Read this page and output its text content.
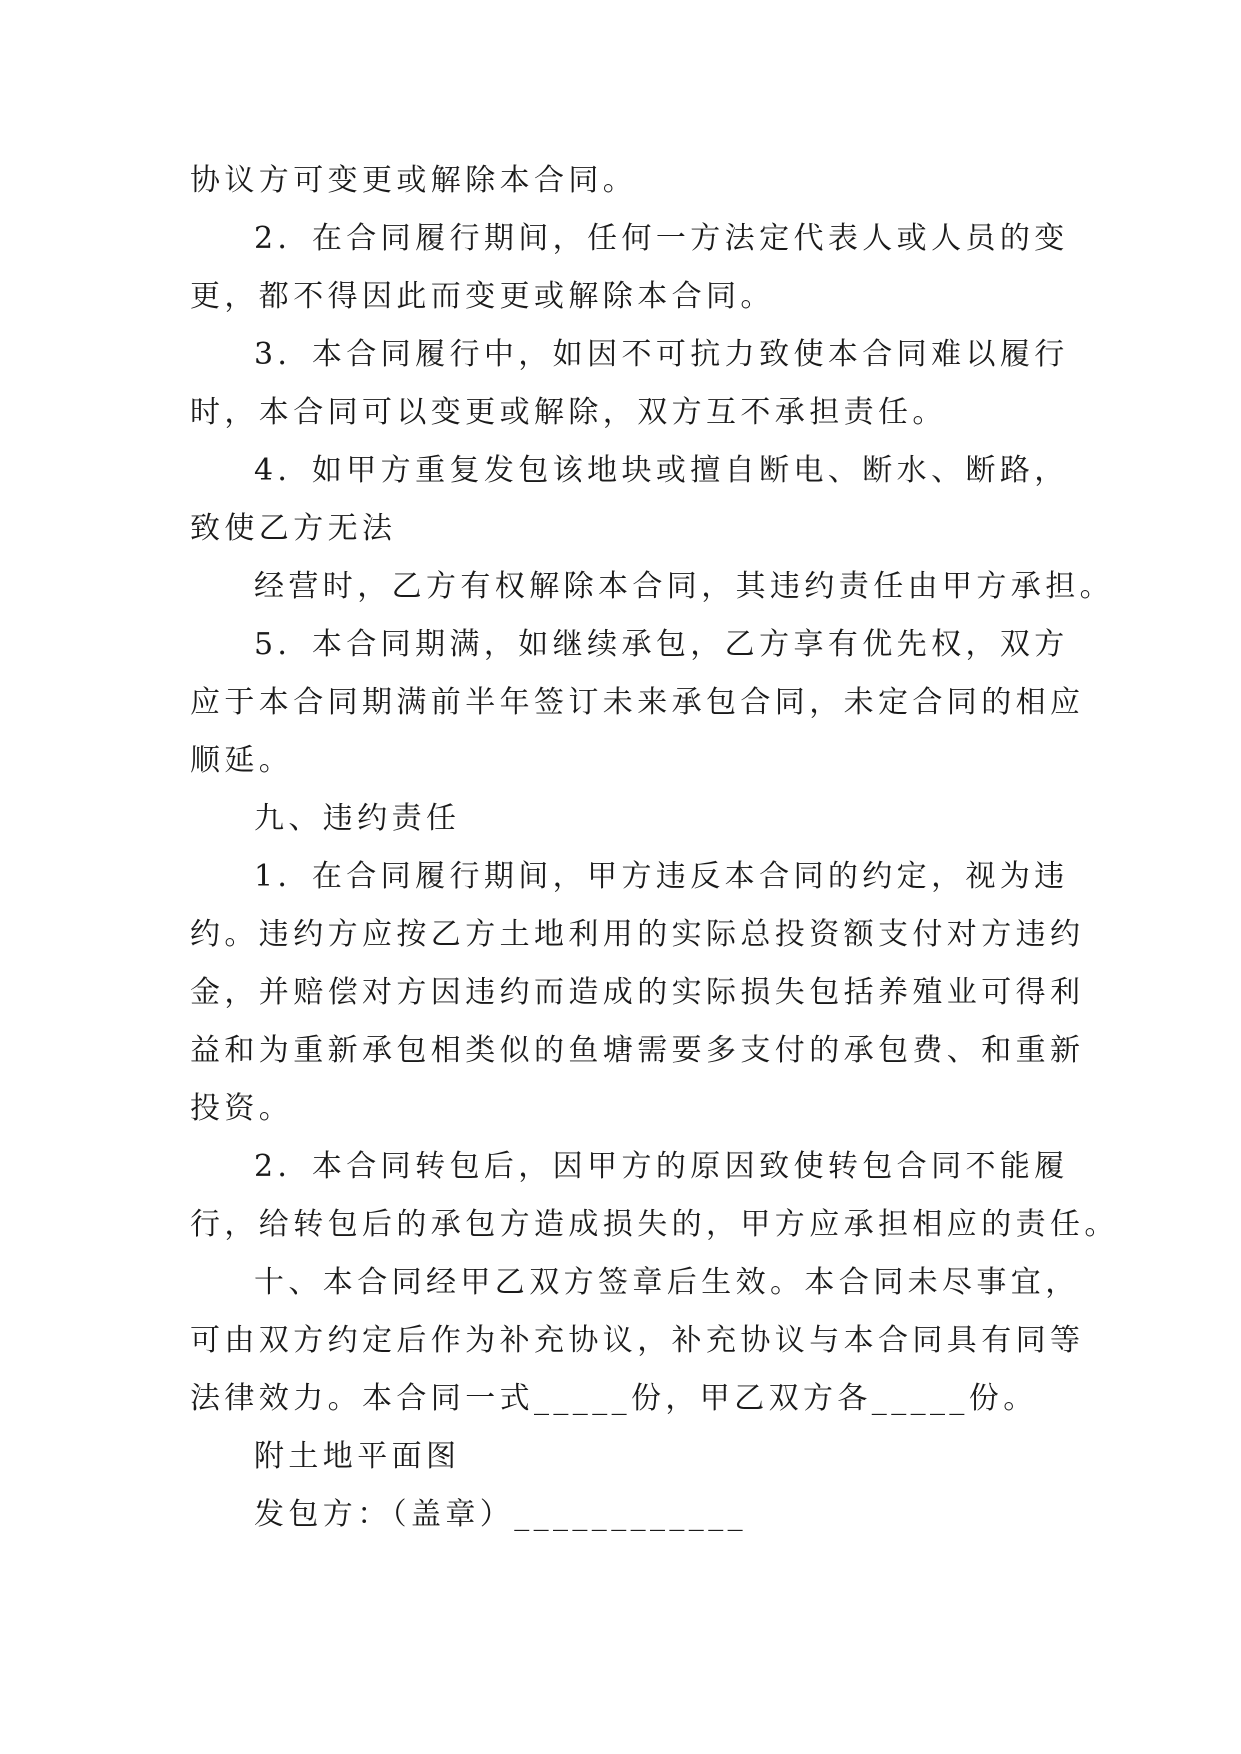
协议方可变更或解除本合同。
2．在合同履行期间，任何一方法定代表人或人员的变
更，都不得因此而变更或解除本合同。
3．本合同履行中，如因不可抗力致使本合同难以履行
时，本合同可以变更或解除，双方互不承担责任。
4．如甲方重复发包该地块或擅自断电、断水、断路，
致使乙方无法
经营时，乙方有权解除本合同，其违约责任由甲方承担。
5．本合同期满，如继续承包，乙方享有优先权，双方
应于本合同期满前半年签订未来承包合同，未定合同的相应
顺延。
九、违约责任
1．在合同履行期间，甲方违反本合同的约定，视为违
约。违约方应按乙方土地利用的实际总投资额支付对方违约
金，并赔偿对方因违约而造成的实际损失包括养殖业可得利
益和为重新承包相类似的鱼塘需要多支付的承包费、和重新
投资。
2．本合同转包后，因甲方的原因致使转包合同不能履
行，给转包后的承包方造成损失的，甲方应承担相应的责任。
十、本合同经甲乙双方签章后生效。本合同未尽事宜，
可由双方约定后作为补充协议，补充协议与本合同具有同等
法律效力。本合同一式_____份，甲乙双方各_____份。
附土地平面图
发包方：（盖章）____________
